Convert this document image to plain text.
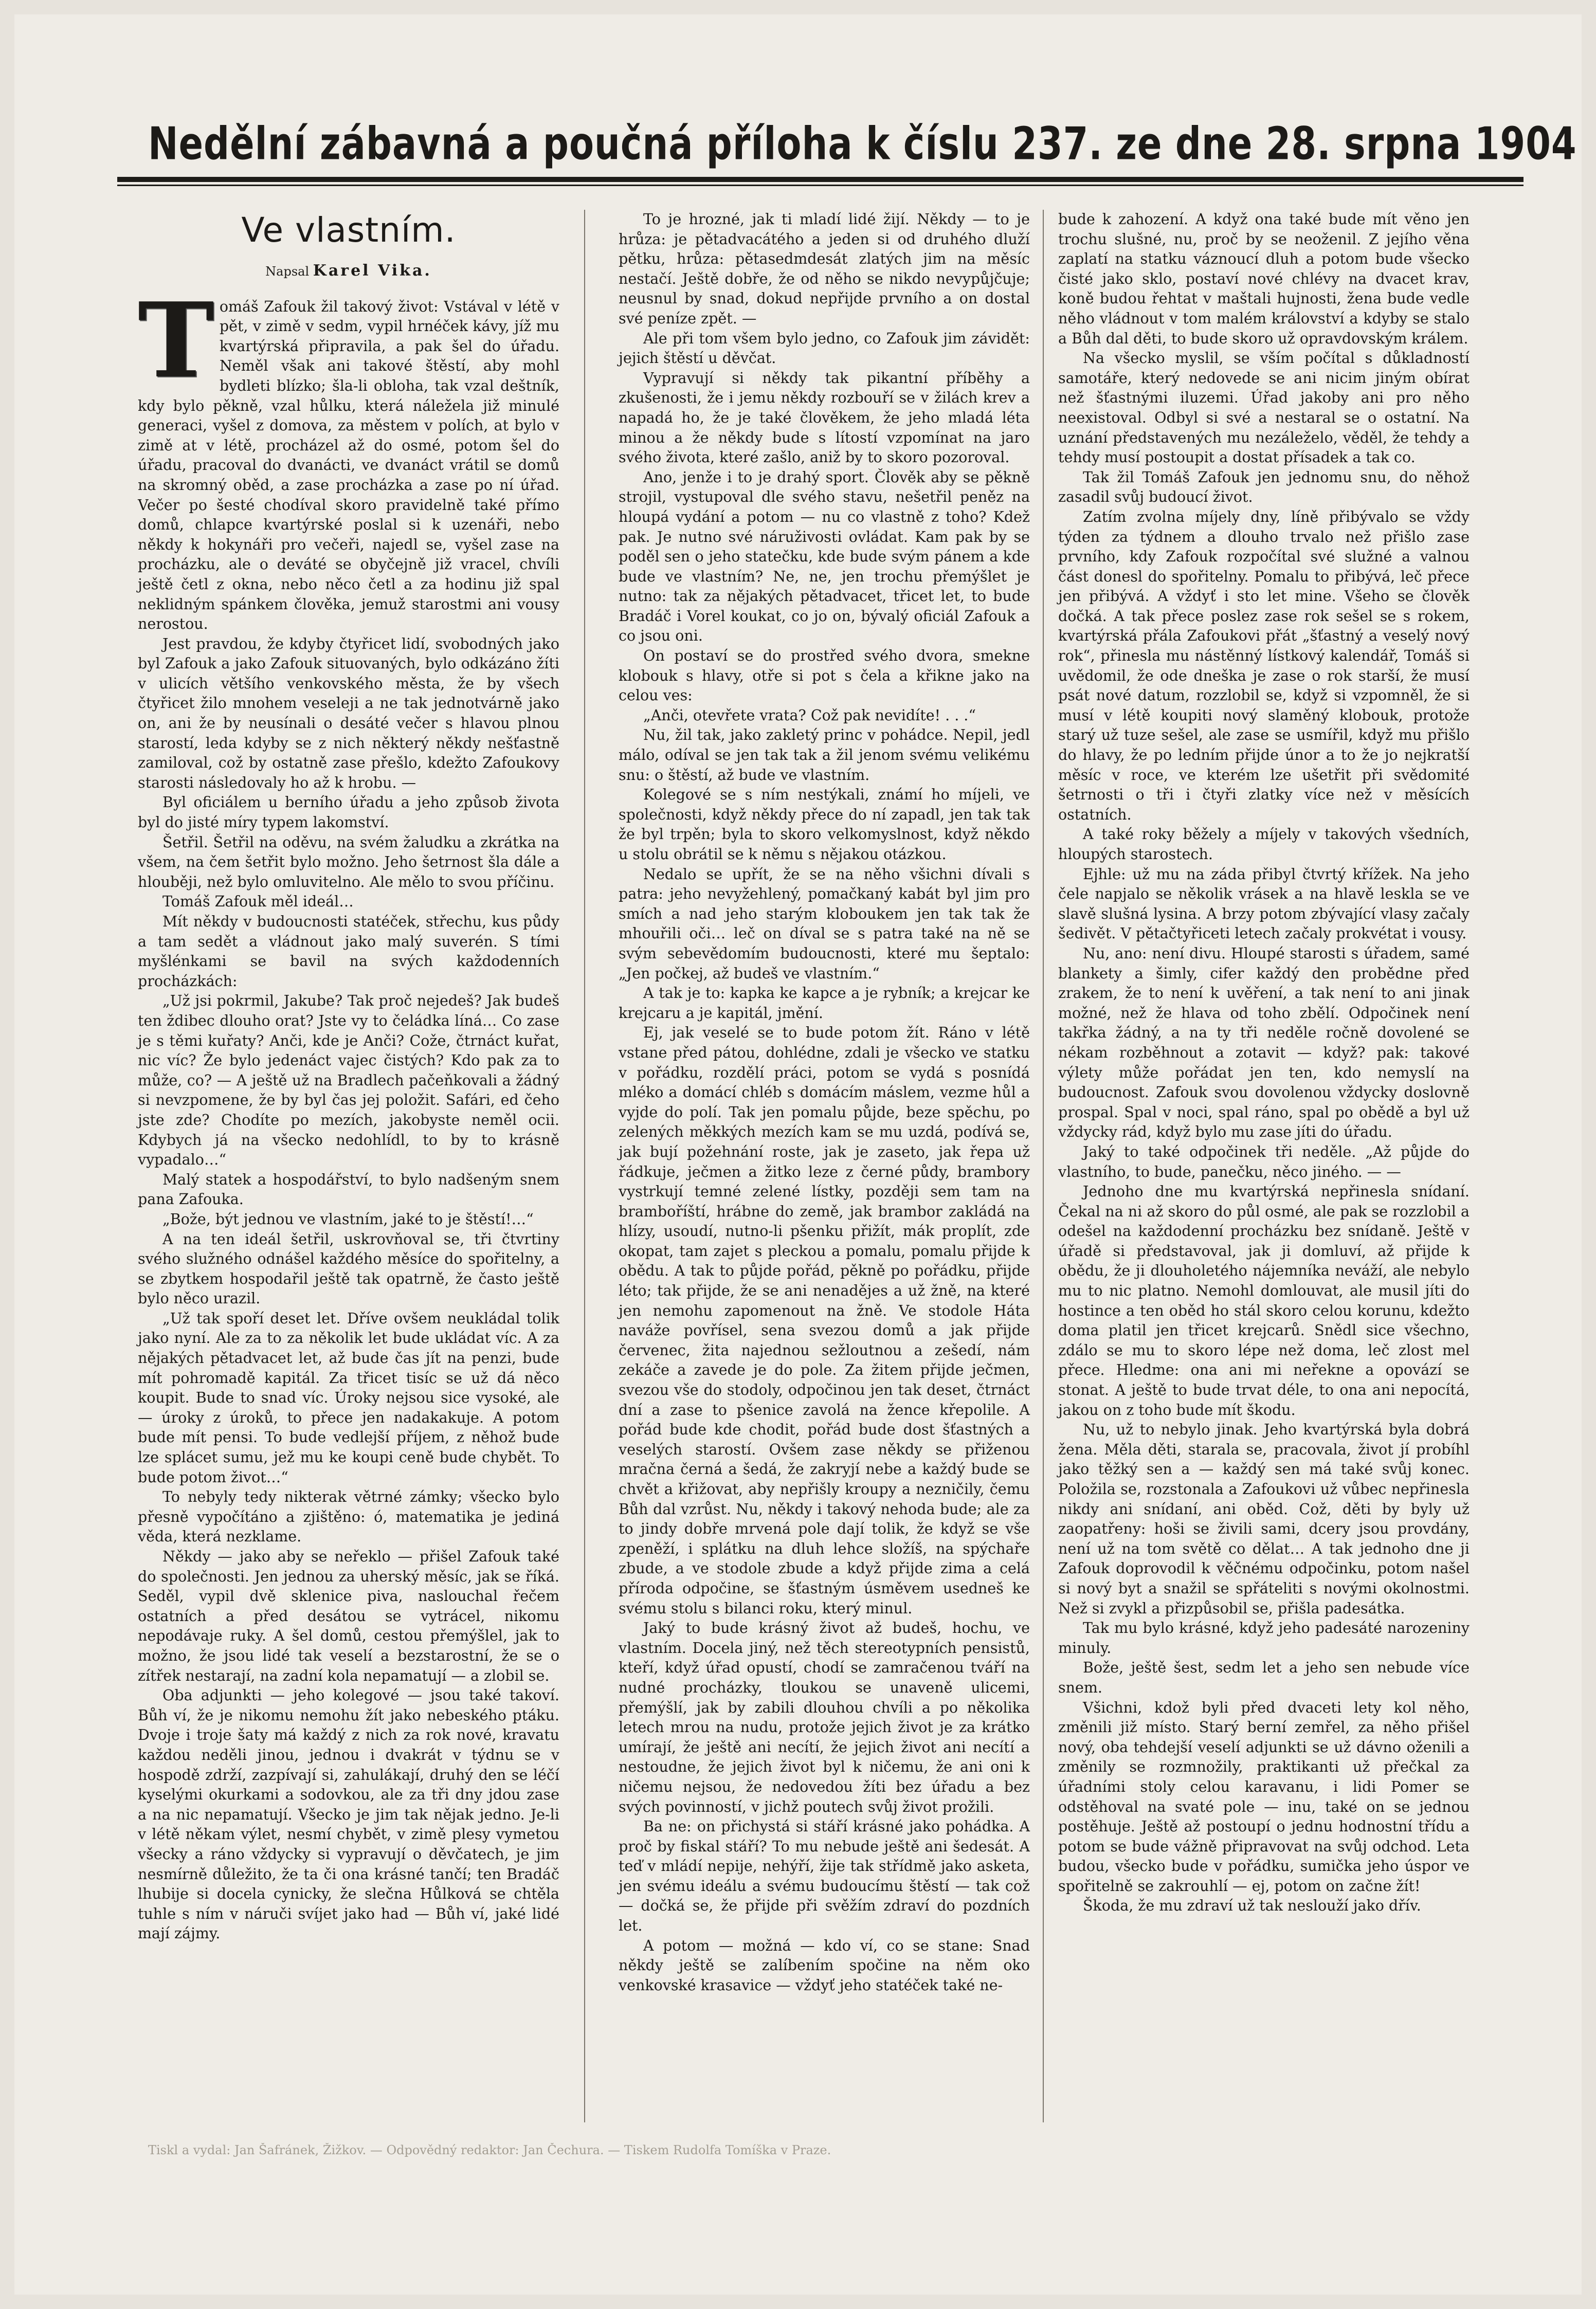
Nedělní zábavná a poučná příloha k číslu 237. ze dne 28. srpna 1904
Ve vlastním.
Napsal Karel Vika.

Tomáš Zafouk žil takový život: Vstával v létě v pět, v zimě v sedm, vypil hrnéček kávy, jíž mu kvartýrská připravila, a pak šel do úřadu. Neměl však ani takové štěstí, aby mohl bydleti blízko; šla-li obloha, tak vzal deštník, kdy bylo pěkně, vzal hůlku, která náležela již minulé generaci, vyšel z domova, za městem v polích, at bylo v zimě at v létě, procházel až do osmé, potom šel do úřadu, pracoval do dvanácti, ve dvanáct vrátil se domů na skromný oběd, a zase procházka a zase po ní úřad. Večer po šesté chodíval skoro pravidelně také přímo domů, chlapce kvartýrské poslal si k uzenáři, nebo někdy k hokynáři pro večeři, najedl se, vyšel zase na procházku, ale o deváté se obyčejně již vracel, chvíli ještě četl z okna, nebo něco četl a za hodinu již spal neklidným spánkem člověka, jemuž starostmi ani vousy nerostou.

Jest pravdou, že kdyby čtyřicet lidí, svobodných jako byl Zafouk a jako Zafouk situovaných, bylo odkázáno žíti v ulicích většího venkovského města, že by všech čtyřicet žilo mnohem veseleji a ne tak jednotvárně jako on, ani že by neusínali o desáté večer s hlavou plnou starostí, leda kdyby se z nich některý někdy nešťastně zamiloval, což by ostatně zase přešlo, kdežto Zafoukovy starosti následovaly ho až k hrobu. —

Byl oficiálem u berního úřadu a jeho způsob života byl do jisté míry typem lakomství.

Šetřil. Šetřil na oděvu, na svém žaludku a zkrátka na všem, na čem šetřit bylo možno. Jeho šetrnost šla dále a hlouběji, než bylo omluvitelno. Ale mělo to svou příčinu.

Tomáš Zafouk měl ideál…

Mít někdy v budoucnosti statéček, střechu, kus půdy a tam sedět a vládnout jako malý suverén. S tími myšlénkami se bavil na svých každodenních procházkách:

„Už jsi pokrmil, Jakube? Tak proč nejedeš? Jak budeš ten ždibec dlouho orat? Jste vy to čeládka líná… Co zase je s těmi kuřaty? Anči, kde je Anči? Cože, čtrnáct kuřat, nic víc? Že bylo jedenáct vajec čistých? Kdo pak za to může, co? — A ještě už na Bradlech pačeňkovali a žádný si nevzpomene, že by byl čas jej položit. Safári, ed čeho jste zde? Chodíte po mezích, jakobyste neměl ocii. Kdybych já na všecko nedohlídl, to by to krásně vypadalo…“

Malý statek a hospodářství, to bylo nadšeným snem pana Zafouka.

„Bože, být jednou ve vlastním, jaké to je štěstí!…“

A na ten ideál šetřil, uskrovňoval se, tři čtvrtiny svého služného odnášel každého měsíce do spořitelny, a se zbytkem hospodařil ještě tak opatrně, že často ještě bylo něco urazil.

„Už tak spoří deset let. Dříve ovšem neukládal tolik jako nyní. Ale za to za několik let bude ukládat víc. A za nějakých pětadvacet let, až bude čas jít na penzi, bude mít pohromadě kapitál. Za třicet tisíc se už dá něco koupit. Bude to snad víc. Úroky nejsou sice vysoké, ale — úroky z úroků, to přece jen nadakakuje. A potom bude mít pensi. To bude vedlejší příjem, z něhož bude lze splácet sumu, jež mu ke koupi ceně bude chybět. To bude potom život…“

To nebyly tedy nikterak větrné zámky; všecko bylo přesně vypočítáno a zjištěno: ó, matematika je jediná věda, která nezklame.

Někdy — jako aby se neřeklo — přišel Zafouk také do společnosti. Jen jednou za uherský měsíc, jak se říká. Seděl, vypil dvě sklenice piva, naslouchal řečem ostatních a před desátou se vytrácel, nikomu nepodávaje ruky. A šel domů, cestou přemýšlel, jak to možno, že jsou lidé tak veselí a bezstarostní, že se o zítřek nestarají, na zadní kola nepamatují — a zlobil se.

Oba adjunkti — jeho kolegové — jsou také takoví. Bůh ví, že je nikomu nemohu žít jako nebeského ptáku. Dvoje i troje šaty má každý z nich za rok nové, kravatu každou neděli jinou, jednou i dvakrát v týdnu se v hospodě zdrží, zazpívají si, zahulákají, druhý den se léčí kyselými okurkami a sodovkou, ale za tři dny jdou zase a na nic nepamatují. Všecko je jim tak nějak jedno. Je-li v létě někam výlet, nesmí chybět, v zimě plesy vymetou všecky a ráno vždycky si vypravují o děvčatech, je jim nesmírně důležito, že ta či ona krásné tančí; ten Bradáč lhubije si docela cynicky, že slečna Hůlková se chtěla tuhle s ním v náruči svíjet jako had — Bůh ví, jaké lidé mají zájmy.

To je hrozné, jak ti mladí lidé žijí. Někdy — to je hrůza: je pětadvacátého a jeden si od druhého dluží pětku, hrůza: pětasedmdesát zlatých jim na měsíc nestačí. Ještě dobře, že od něho se nikdo nevypůjčuje; neusnul by snad, dokud nepřijde prvního a on dostal své peníze zpět. —

Ale při tom všem bylo jedno, co Zafouk jim závidět: jejich štěstí u děvčat.

Vypravují si někdy tak pikantní příběhy a zkušenosti, že i jemu někdy rozbouří se v žilách krev a napadá ho, že je také člověkem, že jeho mladá léta minou a že někdy bude s lítostí vzpomínat na jaro svého života, které zašlo, aniž by to skoro pozoroval.

Ano, jenže i to je drahý sport. Člověk aby se pěkně strojil, vystupoval dle svého stavu, nešetřil peněz na hloupá vydání a potom — nu co vlastně z toho? Kdež pak. Je nutno své náruživosti ovládat. Kam pak by se poděl sen o jeho statečku, kde bude svým pánem a kde bude ve vlastním? Ne, ne, jen trochu přemýšlet je nutno: tak za nějakých pětadvacet, třicet let, to bude Bradáč i Vorel koukat, co jo on, bývalý oficiál Zafouk a co jsou oni.

On postaví se do prostřed svého dvora, smekne klobouk s hlavy, otře si pot s čela a křikne jako na celou ves:

„Anči, otevřete vrata? Což pak nevidíte! . . .“

Nu, žil tak, jako zakletý princ v pohádce. Nepil, jedl málo, odíval se jen tak tak a žil jenom svému velikému snu: o štěstí, až bude ve vlastním.

Kolegové se s ním nestýkali, známí ho míjeli, ve společnosti, když někdy přece do ní zapadl, jen tak tak že byl trpěn; byla to skoro velkomyslnost, když někdo u stolu obrátil se k němu s nějakou otázkou.

Nedalo se upřít, že se na něho všichni dívali s patra: jeho nevyžehlený, pomačkaný kabát byl jim pro smích a nad jeho starým kloboukem jen tak tak že mhouřili oči… leč on díval se s patra také na ně se svým sebevědomím budoucnosti, které mu šeptalo: „Jen počkej, až budeš ve vlastním.“

A tak je to: kapka ke kapce a je rybník; a krejcar ke krejcaru a je kapitál, jmění.

Ej, jak veselé se to bude potom žít. Ráno v létě vstane před pátou, dohlédne, zdali je všecko ve statku v pořádku, rozdělí práci, potom se vydá s posnídá mléko a domácí chléb s domácím máslem, vezme hůl a vyjde do polí. Tak jen pomalu půjde, beze spěchu, po zelených měkkých mezích kam se mu uzdá, podívá se, jak bují požehnání roste, jak je zaseto, jak řepa už řádkuje, ječmen a žitko leze z černé půdy, brambory vystrkují temné zelené lístky, později sem tam na bramboříští, hrábne do země, jak brambor zakládá na hlízy, usoudí, nutno-li pšenku přižít, mák proplít, zde okopat, tam zajet s pleckou a pomalu, pomalu přijde k obědu. A tak to půjde pořád, pěkně po pořádku, přijde léto; tak přijde, že se ani nenadějes a už žně, na které jen nemohu zapomenout na žně. Ve stodole Háta naváže povřísel, sena svezou domů a jak přijde červenec, žita najednou sežloutnou a zešedí, nám zekáče a zavede je do pole. Za žitem přijde ječmen, svezou vše do stodoly, odpočinou jen tak deset, čtrnáct dní a zase to pšenice zavolá na žence křepolile. A pořád bude kde chodit, pořád bude dost šťastných a veselých starostí. Ovšem zase někdy se přiženou mračna černá a šedá, že zakryjí nebe a každý bude se chvět a křižovat, aby nepřišly kroupy a nezničily, čemu Bůh dal vzrůst. Nu, někdy i takový nehoda bude; ale za to jindy dobře mrvená pole dají tolik, že když se vše zpeněží, i splátku na dluh lehce složíš, na spýchaře zbude, a ve stodole zbude a když přijde zima a celá příroda odpočine, se šťastným úsměvem usedneš ke svému stolu s bilanci roku, který minul.

Jaký to bude krásný život až budeš, hochu, ve vlastním. Docela jiný, než těch stereotypních pensistů, kteří, když úřad opustí, chodí se zamračenou tváří na nudné procházky, tloukou se unaveně ulicemi, přemýšlí, jak by zabili dlouhou chvíli a po několika letech mrou na nudu, protože jejich život je za krátko umírají, že ještě ani necítí, že jejich život ani necítí a nestoudne, že jejich život byl k ničemu, že ani oni k ničemu nejsou, že nedovedou žíti bez úřadu a bez svých povinností, v jichž poutech svůj život prožili.

Ba ne: on přichystá si stáří krásné jako pohádka. A proč by fiskal stáří? To mu nebude ještě ani šedesát. A teď v mládí nepije, nehýří, žije tak střídmě jako asketa, jen svému ideálu a svému budoucímu štěstí — tak což — dočká se, že přijde při svěžím zdraví do pozdních let.

A potom — možná — kdo ví, co se stane: Snad někdy ještě se zalíbením spočine na něm oko venkovské krasavice — vždyť jeho statéček také ne-

bude k zahození. A když ona také bude mít věno jen trochu slušné, nu, proč by se neoženil. Z jejího věna zaplatí na statku váznoucí dluh a potom bude všecko čisté jako sklo, postaví nové chlévy na dvacet krav, koně budou řehtat v maštali hujnosti, žena bude vedle něho vládnout v tom malém království a kdyby se stalo a Bůh dal děti, to bude skoro už opravdovským králem.

Na všecko myslil, se vším počítal s důkladností samotáře, který nedovede se ani nicim jiným obírat než šťastnými iluzemi. Úřad jakoby ani pro něho neexistoval. Odbyl si své a nestaral se o ostatní. Na uznání představených mu nezáleželo, věděl, že tehdy a tehdy musí postoupit a dostat přísadek a tak co.

Tak žil Tomáš Zafouk jen jednomu snu, do něhož zasadil svůj budoucí život.

Zatím zvolna míjely dny, líně přibývalo se vždy týden za týdnem a dlouho trvalo než přišlo zase prvního, kdy Zafouk rozpočítal své služné a valnou část donesl do spořitelny. Pomalu to přibývá, leč přece jen přibývá. A vždyť i sto let mine. Všeho se člověk dočká. A tak přece poslez zase rok sešel se s rokem, kvartýrská přála Zafoukovi přát „šťastný a veselý nový rok“, přinesla mu nástěnný lístkový kalendář, Tomáš si uvědomil, že ode dneška je zase o rok starší, že musí psát nové datum, rozzlobil se, když si vzpomněl, že si musí v létě koupiti nový slaměný klobouk, protože starý už tuze sešel, ale zase se usmířil, když mu přišlo do hlavy, že po ledním přijde únor a to že jo nejkratší měsíc v roce, ve kterém lze ušetřit při svědomité šetrnosti o tři i čtyři zlatky více než v měsících ostatních.

A také roky běžely a míjely v takových všedních, hloupých starostech.

Ejhle: už mu na záda přibyl čtvrtý křížek. Na jeho čele napjalo se několik vrásek a na hlavě leskla se ve slavě slušná lysina. A brzy potom zbývající vlasy začaly šedivět. V pětačtyřiceti letech začaly prokvétat i vousy.

Nu, ano: není divu. Hloupé starosti s úřadem, samé blankety a šimly, cifer každý den probědne před zrakem, že to není k uvěření, a tak není to ani jinak možné, než že hlava od toho zbělí. Odpočinek není takřka žádný, a na ty tři neděle ročně dovolené se nékam rozběhnout a zotavit — když? pak: takové výlety může pořádat jen ten, kdo nemyslí na budoucnost. Zafouk svou dovolenou vždycky doslovně prospal. Spal v noci, spal ráno, spal po obědě a byl už vždycky rád, když bylo mu zase jíti do úřadu.

Jaký to také odpočinek tři neděle. „Až půjde do vlastního, to bude, panečku, něco jiného. — —

Jednoho dne mu kvartýrská nepřinesla snídaní. Čekal na ni až skoro do půl osmé, ale pak se rozzlobil a odešel na každodenní procházku bez snídaně. Ještě v úřadě si představoval, jak ji domluví, až přijde k obědu, že ji dlouholetého nájemníka neváží, ale nebylo mu to nic platno. Nemohl domlouvat, ale musil jíti do hostince a ten oběd ho stál skoro celou korunu, kdežto doma platil jen třicet krejcarů. Snědl sice všechno, zdálo se mu to skoro lépe než doma, leč zlost mel přece. Hledme: ona ani mi neřekne a opovází se stonat. A ještě to bude trvat déle, to ona ani nepocítá, jakou on z toho bude mít škodu.

Nu, už to nebylo jinak. Jeho kvartýrská byla dobrá žena. Měla děti, starala se, pracovala, život jí probíhl jako těžký sen a — každý sen má také svůj konec. Položila se, rozstonala a Zafoukovi už vůbec nepřinesla nikdy ani snídaní, ani oběd. Což, děti by byly už zaopatřeny: hoši se živili sami, dcery jsou provdány, není už na tom světě co dělat… A tak jednoho dne ji Zafouk doprovodil k věčnému odpočinku, potom našel si nový byt a snažil se spřáteliti s novými okolnostmi. Než si zvykl a přizpůsobil se, přišla padesátka.

Tak mu bylo krásné, když jeho padesáté narozeniny minuly.

Bože, ještě šest, sedm let a jeho sen nebude více snem.

Všichni, kdož byli před dvaceti lety kol něho, změnili již místo. Starý berní zemřel, za něho přišel nový, oba tehdejší veselí adjunkti se už dávno oženili a změnily se rozmnožily, praktikanti už přečkal za úřadními stoly celou karavanu, i lidi Pomer se odstěhoval na svaté pole — inu, také on se jednou postěhuje. Ještě až postoupí o jednu hodnostní třídu a potom se bude vážně připravovat na svůj odchod. Leta budou, všecko bude v pořádku, sumička jeho úspor ve spořitelně se zakrouhlí — ej, potom on začne žít!

Škoda, že mu zdraví už tak neslouží jako dřív.

Tiskl a vydal: Jan Šafránek, Žižkov. — Odpovědný redaktor: Jan Čechura. — Tiskem Rudolfa Tomíška v Praze.
